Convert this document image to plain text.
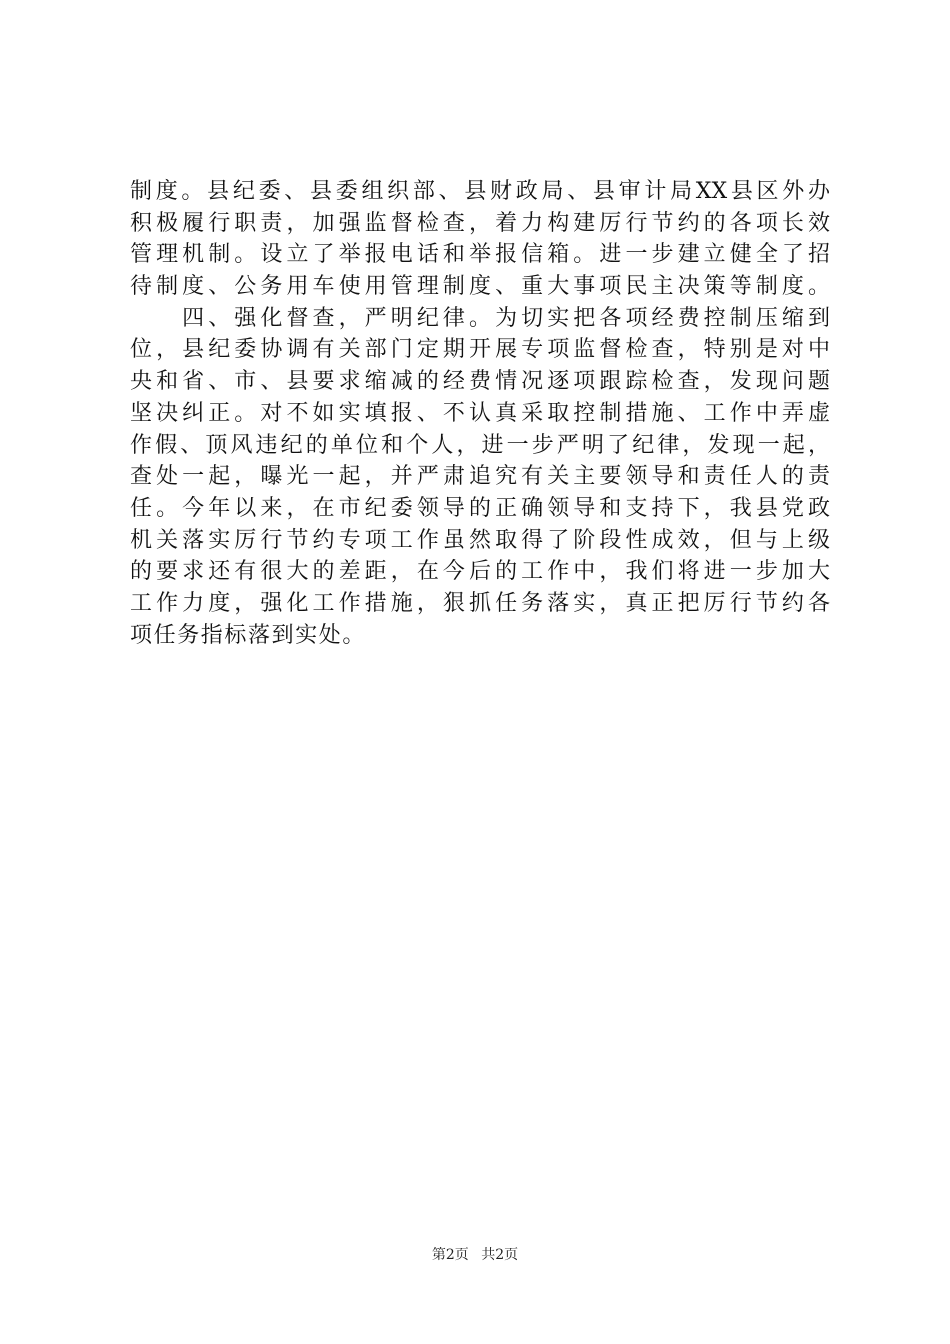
制度。县纪委、县委组织部、县财政局、县审计局XX县区外办
积极履行职责，加强监督检查，着力构建厉行节约的各项长效
管理机制。设立了举报电话和举报信箱。进一步建立健全了招
待制度、公务用车使用管理制度、重大事项民主决策等制度。
　　四、强化督查，严明纪律。为切实把各项经费控制压缩到
位，县纪委协调有关部门定期开展专项监督检查，特别是对中
央和省、市、县要求缩减的经费情况逐项跟踪检查，发现问题
坚决纠正。对不如实填报、不认真采取控制措施、工作中弄虚
作假、顶风违纪的单位和个人，进一步严明了纪律，发现一起，
查处一起，曝光一起，并严肃追究有关主要领导和责任人的责
任。今年以来，在市纪委领导的正确领导和支持下，我县党政
机关落实厉行节约专项工作虽然取得了阶段性成效，但与上级
的要求还有很大的差距，在今后的工作中，我们将进一步加大
工作力度，强化工作措施，狠抓任务落实，真正把厉行节约各
项任务指标落到实处。
第2页 共2页
